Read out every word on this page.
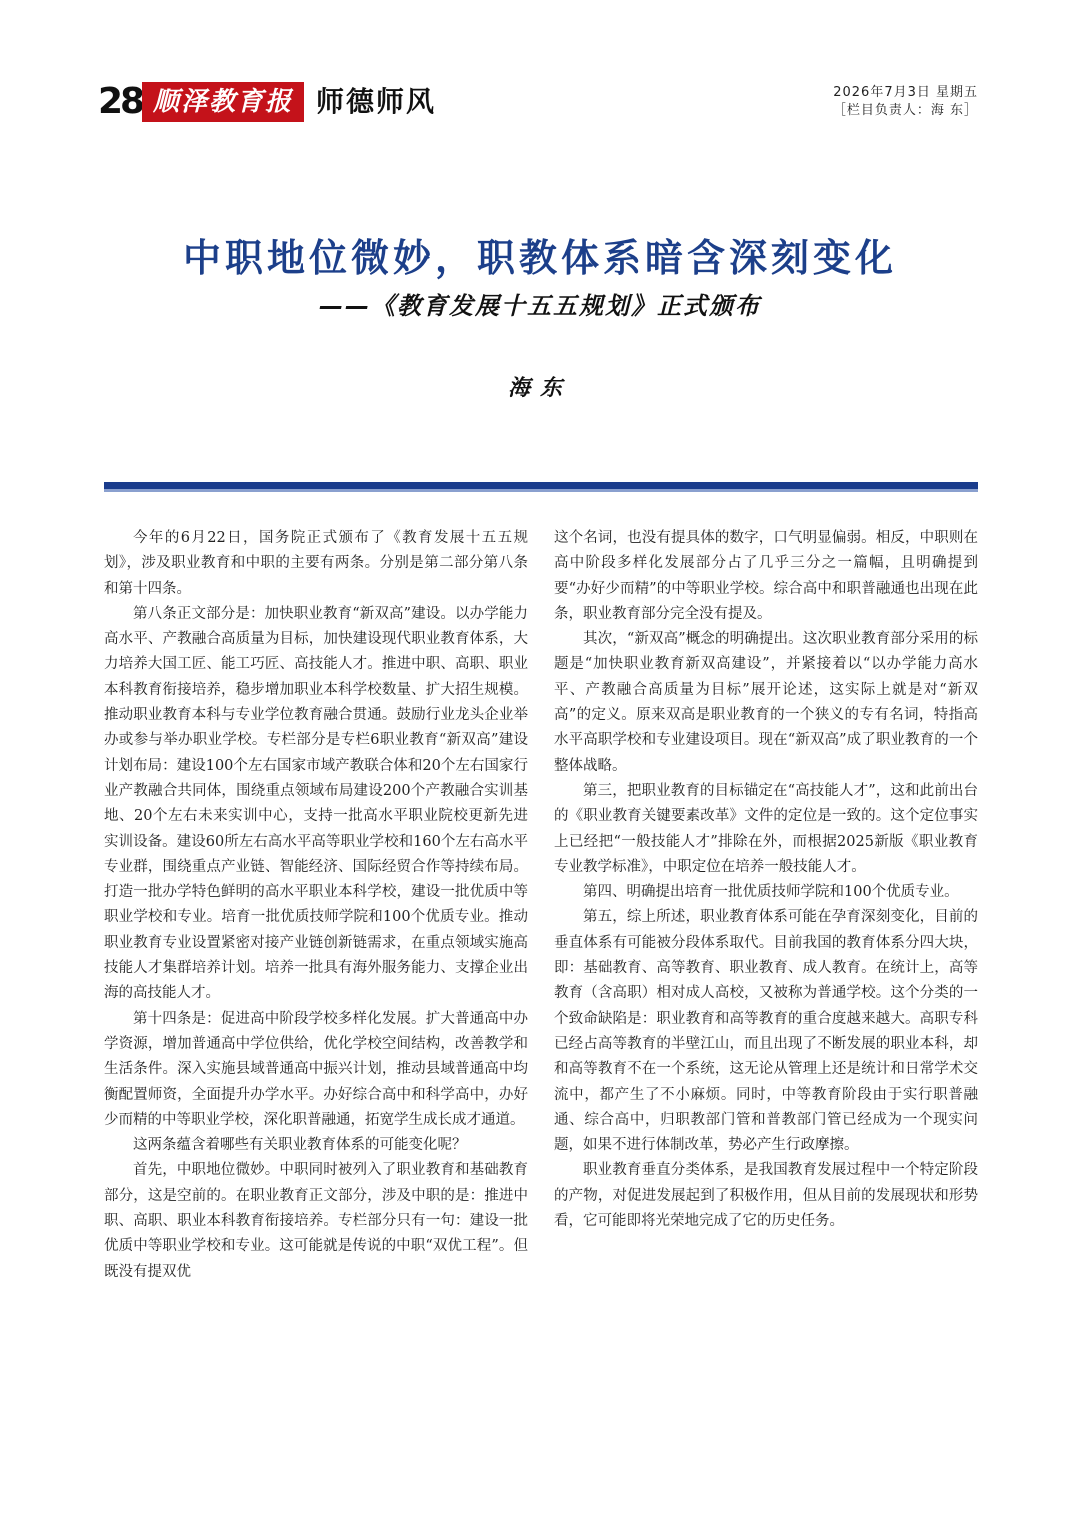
28 顺泽教育报 师德师风	2026年7月3日 星期五
［栏目负责人：海 东］
中职地位微妙，职教体系暗含深刻变化
——《教育发展十五五规划》正式颁布
海东

今年的6月22日，国务院正式颁布了《教育发展十五五规划》，涉及职业教育和中职的主要有两条。分别是第二部分第八条和第十四条。

第八条正文部分是：加快职业教育“新双高”建设。以办学能力高水平、产教融合高质量为目标，加快建设现代职业教育体系，大力培养大国工匠、能工巧匠、高技能人才。推进中职、高职、职业本科教育衔接培养，稳步增加职业本科学校数量、扩大招生规模。推动职业教育本科与专业学位教育融合贯通。鼓励行业龙头企业举办或参与举办职业学校。专栏部分是专栏6职业教育“新双高”建设计划布局：建设100个左右国家市域产教联合体和20个左右国家行业产教融合共同体，围绕重点领域布局建设200个产教融合实训基地、20个左右未来实训中心，支持一批高水平职业院校更新先进实训设备。建设60所左右高水平高等职业学校和160个左右高水平专业群，围绕重点产业链、智能经济、国际经贸合作等持续布局。打造一批办学特色鲜明的高水平职业本科学校，建设一批优质中等职业学校和专业。培育一批优质技师学院和100个优质专业。推动职业教育专业设置紧密对接产业链创新链需求，在重点领域实施高技能人才集群培养计划。培养一批具有海外服务能力、支撑企业出海的高技能人才。

第十四条是：促进高中阶段学校多样化发展。扩大普通高中办学资源，增加普通高中学位供给，优化学校空间结构，改善教学和生活条件。深入实施县域普通高中振兴计划，推动县域普通高中均衡配置师资，全面提升办学水平。办好综合高中和科学高中，办好少而精的中等职业学校，深化职普融通，拓宽学生成长成才通道。

这两条蕴含着哪些有关职业教育体系的可能变化呢？

首先，中职地位微妙。中职同时被列入了职业教育和基础教育部分，这是空前的。在职业教育正文部分，涉及中职的是：推进中职、高职、职业本科教育衔接培养。专栏部分只有一句：建设一批优质中等职业学校和专业。这可能就是传说的中职“双优工程”。但既没有提双优

这个名词，也没有提具体的数字，口气明显偏弱。相反，中职则在高中阶段多样化发展部分占了几乎三分之一篇幅，且明确提到要“办好少而精”的中等职业学校。综合高中和职普融通也出现在此条，职业教育部分完全没有提及。

其次，“新双高”概念的明确提出。这次职业教育部分采用的标题是“加快职业教育新双高建设”，并紧接着以“以办学能力高水平、产教融合高质量为目标”展开论述，这实际上就是对“新双高”的定义。原来双高是职业教育的一个狭义的专有名词，特指高水平高职学校和专业建设项目。现在“新双高”成了职业教育的一个整体战略。

第三，把职业教育的目标锚定在“高技能人才”，这和此前出台的《职业教育关键要素改革》文件的定位是一致的。这个定位事实上已经把“一般技能人才”排除在外，而根据2025新版《职业教育专业教学标准》，中职定位在培养一般技能人才。

第四、明确提出培育一批优质技师学院和100个优质专业。

第五，综上所述，职业教育体系可能在孕育深刻变化，目前的垂直体系有可能被分段体系取代。目前我国的教育体系分四大块，即：基础教育、高等教育、职业教育、成人教育。在统计上，高等教育（含高职）相对成人高校，又被称为普通学校。这个分类的一个致命缺陷是：职业教育和高等教育的重合度越来越大。高职专科已经占高等教育的半壁江山，而且出现了不断发展的职业本科，却和高等教育不在一个系统，这无论从管理上还是统计和日常学术交流中，都产生了不小麻烦。同时，中等教育阶段由于实行职普融通、综合高中，归职教部门管和普教部门管已经成为一个现实问题，如果不进行体制改革，势必产生行政摩擦。

职业教育垂直分类体系，是我国教育发展过程中一个特定阶段的产物，对促进发展起到了积极作用，但从目前的发展现状和形势看，它可能即将光荣地完成了它的历史任务。
